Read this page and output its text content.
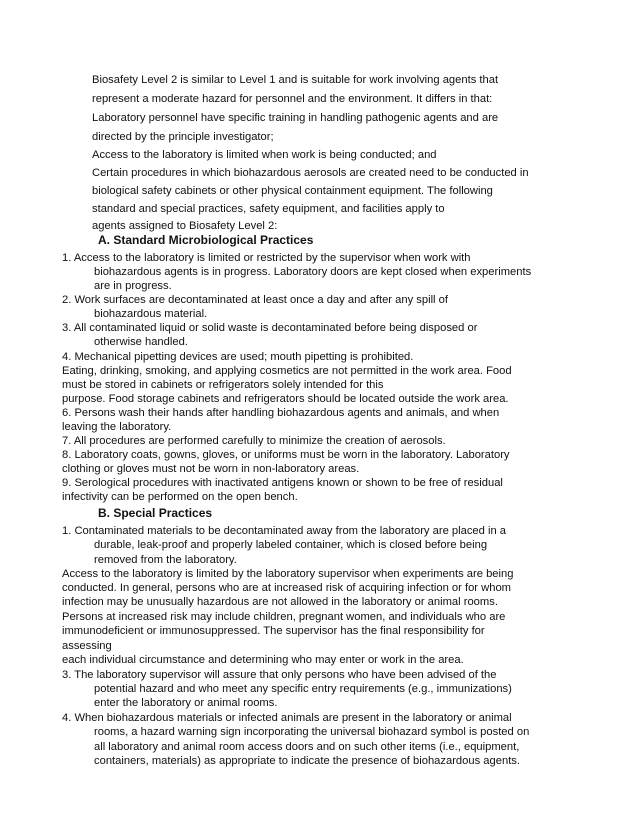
Biosafety Level 2 is similar to Level 1 and is suitable for work involving agents that
represent a moderate hazard for personnel and the environment. It differs in that:
Laboratory personnel have specific training in handling pathogenic agents and are
directed by the principle investigator;
Access to the laboratory is limited when work is being conducted; and
Certain procedures in which biohazardous aerosols are created need to be conducted in
biological safety cabinets or other physical containment equipment. The following
standard and special practices, safety equipment, and facilities apply to
agents assigned to Biosafety Level 2:
A. Standard Microbiological Practices
1. Access to the laboratory is limited or restricted by the supervisor when work with
biohazardous agents is in progress. Laboratory doors are kept closed when experiments
are in progress.
2. Work surfaces are decontaminated at least once a day and after any spill of
biohazardous material.
3. All contaminated liquid or solid waste is decontaminated before being disposed or
otherwise handled.
4. Mechanical pipetting devices are used; mouth pipetting is prohibited.
Eating, drinking, smoking, and applying cosmetics are not permitted in the work area. Food
must be stored in cabinets or refrigerators solely intended for this
purpose. Food storage cabinets and refrigerators should be located outside the work area.
6. Persons wash their hands after handling biohazardous agents and animals, and when
leaving the laboratory.
7. All procedures are performed carefully to minimize the creation of aerosols.
8. Laboratory coats, gowns, gloves, or uniforms must be worn in the laboratory. Laboratory
clothing or gloves must not be worn in non-laboratory areas.
9. Serological procedures with inactivated antigens known or shown to be free of residual
infectivity can be performed on the open bench.
B. Special Practices
1. Contaminated materials to be decontaminated away from the laboratory are placed in a
durable, leak-proof and properly labeled container, which is closed before being
removed from the laboratory.
Access to the laboratory is limited by the laboratory supervisor when experiments are being
conducted. In general, persons who are at increased risk of acquiring infection or for whom
infection may be unusually hazardous are not allowed in the laboratory or animal rooms.
Persons at increased risk may include children, pregnant women, and individuals who are
immunodeficient or immunosuppressed. The supervisor has the final responsibility for
assessing
each individual circumstance and determining who may enter or work in the area.
3. The laboratory supervisor will assure that only persons who have been advised of the
potential hazard and who meet any specific entry requirements (e.g., immunizations)
enter the laboratory or animal rooms.
4. When biohazardous materials or infected animals are present in the laboratory or animal
rooms, a hazard warning sign incorporating the universal biohazard symbol is posted on
all laboratory and animal room access doors and on such other items (i.e., equipment,
containers, materials) as appropriate to indicate the presence of biohazardous agents.
